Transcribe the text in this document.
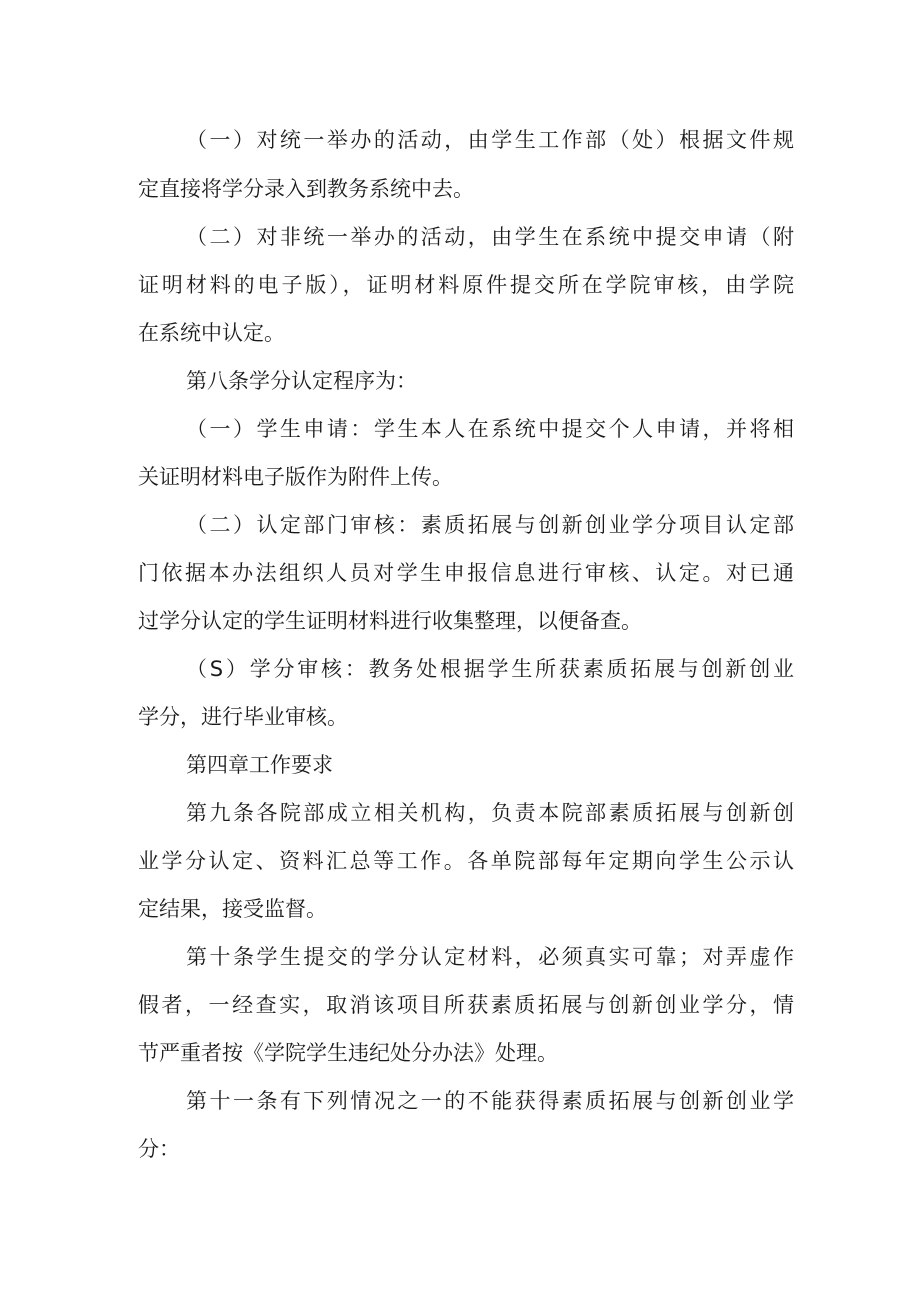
（一）对统一举办的活动，由学生工作部（处）根据文件规
定直接将学分录入到教务系统中去。
（二）对非统一举办的活动，由学生在系统中提交申请（附
证明材料的电子版），证明材料原件提交所在学院审核，由学院
在系统中认定。
第八条学分认定程序为：
（一）学生申请：学生本人在系统中提交个人申请，并将相
关证明材料电子版作为附件上传。
（二）认定部门审核：素质拓展与创新创业学分项目认定部
门依据本办法组织人员对学生申报信息进行审核、认定。对已通
过学分认定的学生证明材料进行收集整理，以便备查。
（S）学分审核：教务处根据学生所获素质拓展与创新创业
学分，进行毕业审核。
第四章工作要求
第九条各院部成立相关机构，负责本院部素质拓展与创新创
业学分认定、资料汇总等工作。各单院部每年定期向学生公示认
定结果，接受监督。
第十条学生提交的学分认定材料，必须真实可靠；对弄虚作
假者，一经查实，取消该项目所获素质拓展与创新创业学分，情
节严重者按《学院学生违纪处分办法》处理。
第十一条有下列情况之一的不能获得素质拓展与创新创业学
分：
